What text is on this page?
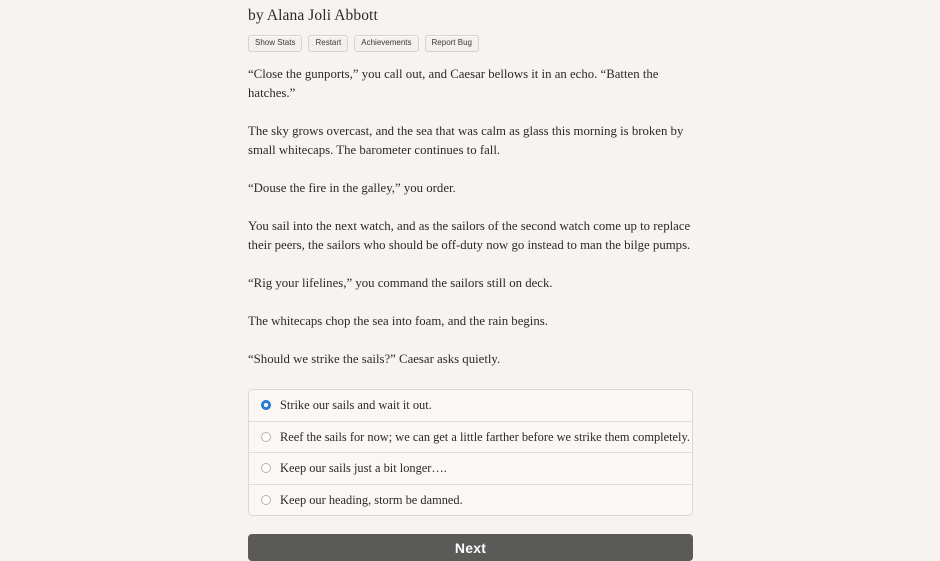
by Alana Joli Abbott
Show Stats	Restart	Achievements	Report Bug

“Close the gunports,” you call out, and Caesar bellows it in an echo. “Batten the hatches.”

The sky grows overcast, and the sea that was calm as glass this morning is broken by small whitecaps. The barometer continues to fall.

“Douse the fire in the galley,” you order.

You sail into the next watch, and as the sailors of the second watch come up to replace their peers, the sailors who should be off-duty now go instead to man the bilge pumps.

“Rig your lifelines,” you command the sailors still on deck.

The whitecaps chop the sea into foam, and the rain begins.

“Should we strike the sails?” Caesar asks quietly.

Strike our sails and wait it out.
Reef the sails for now; we can get a little farther before we strike them completely.
Keep our sails just a bit longer….
Keep our heading, storm be damned.
Next
